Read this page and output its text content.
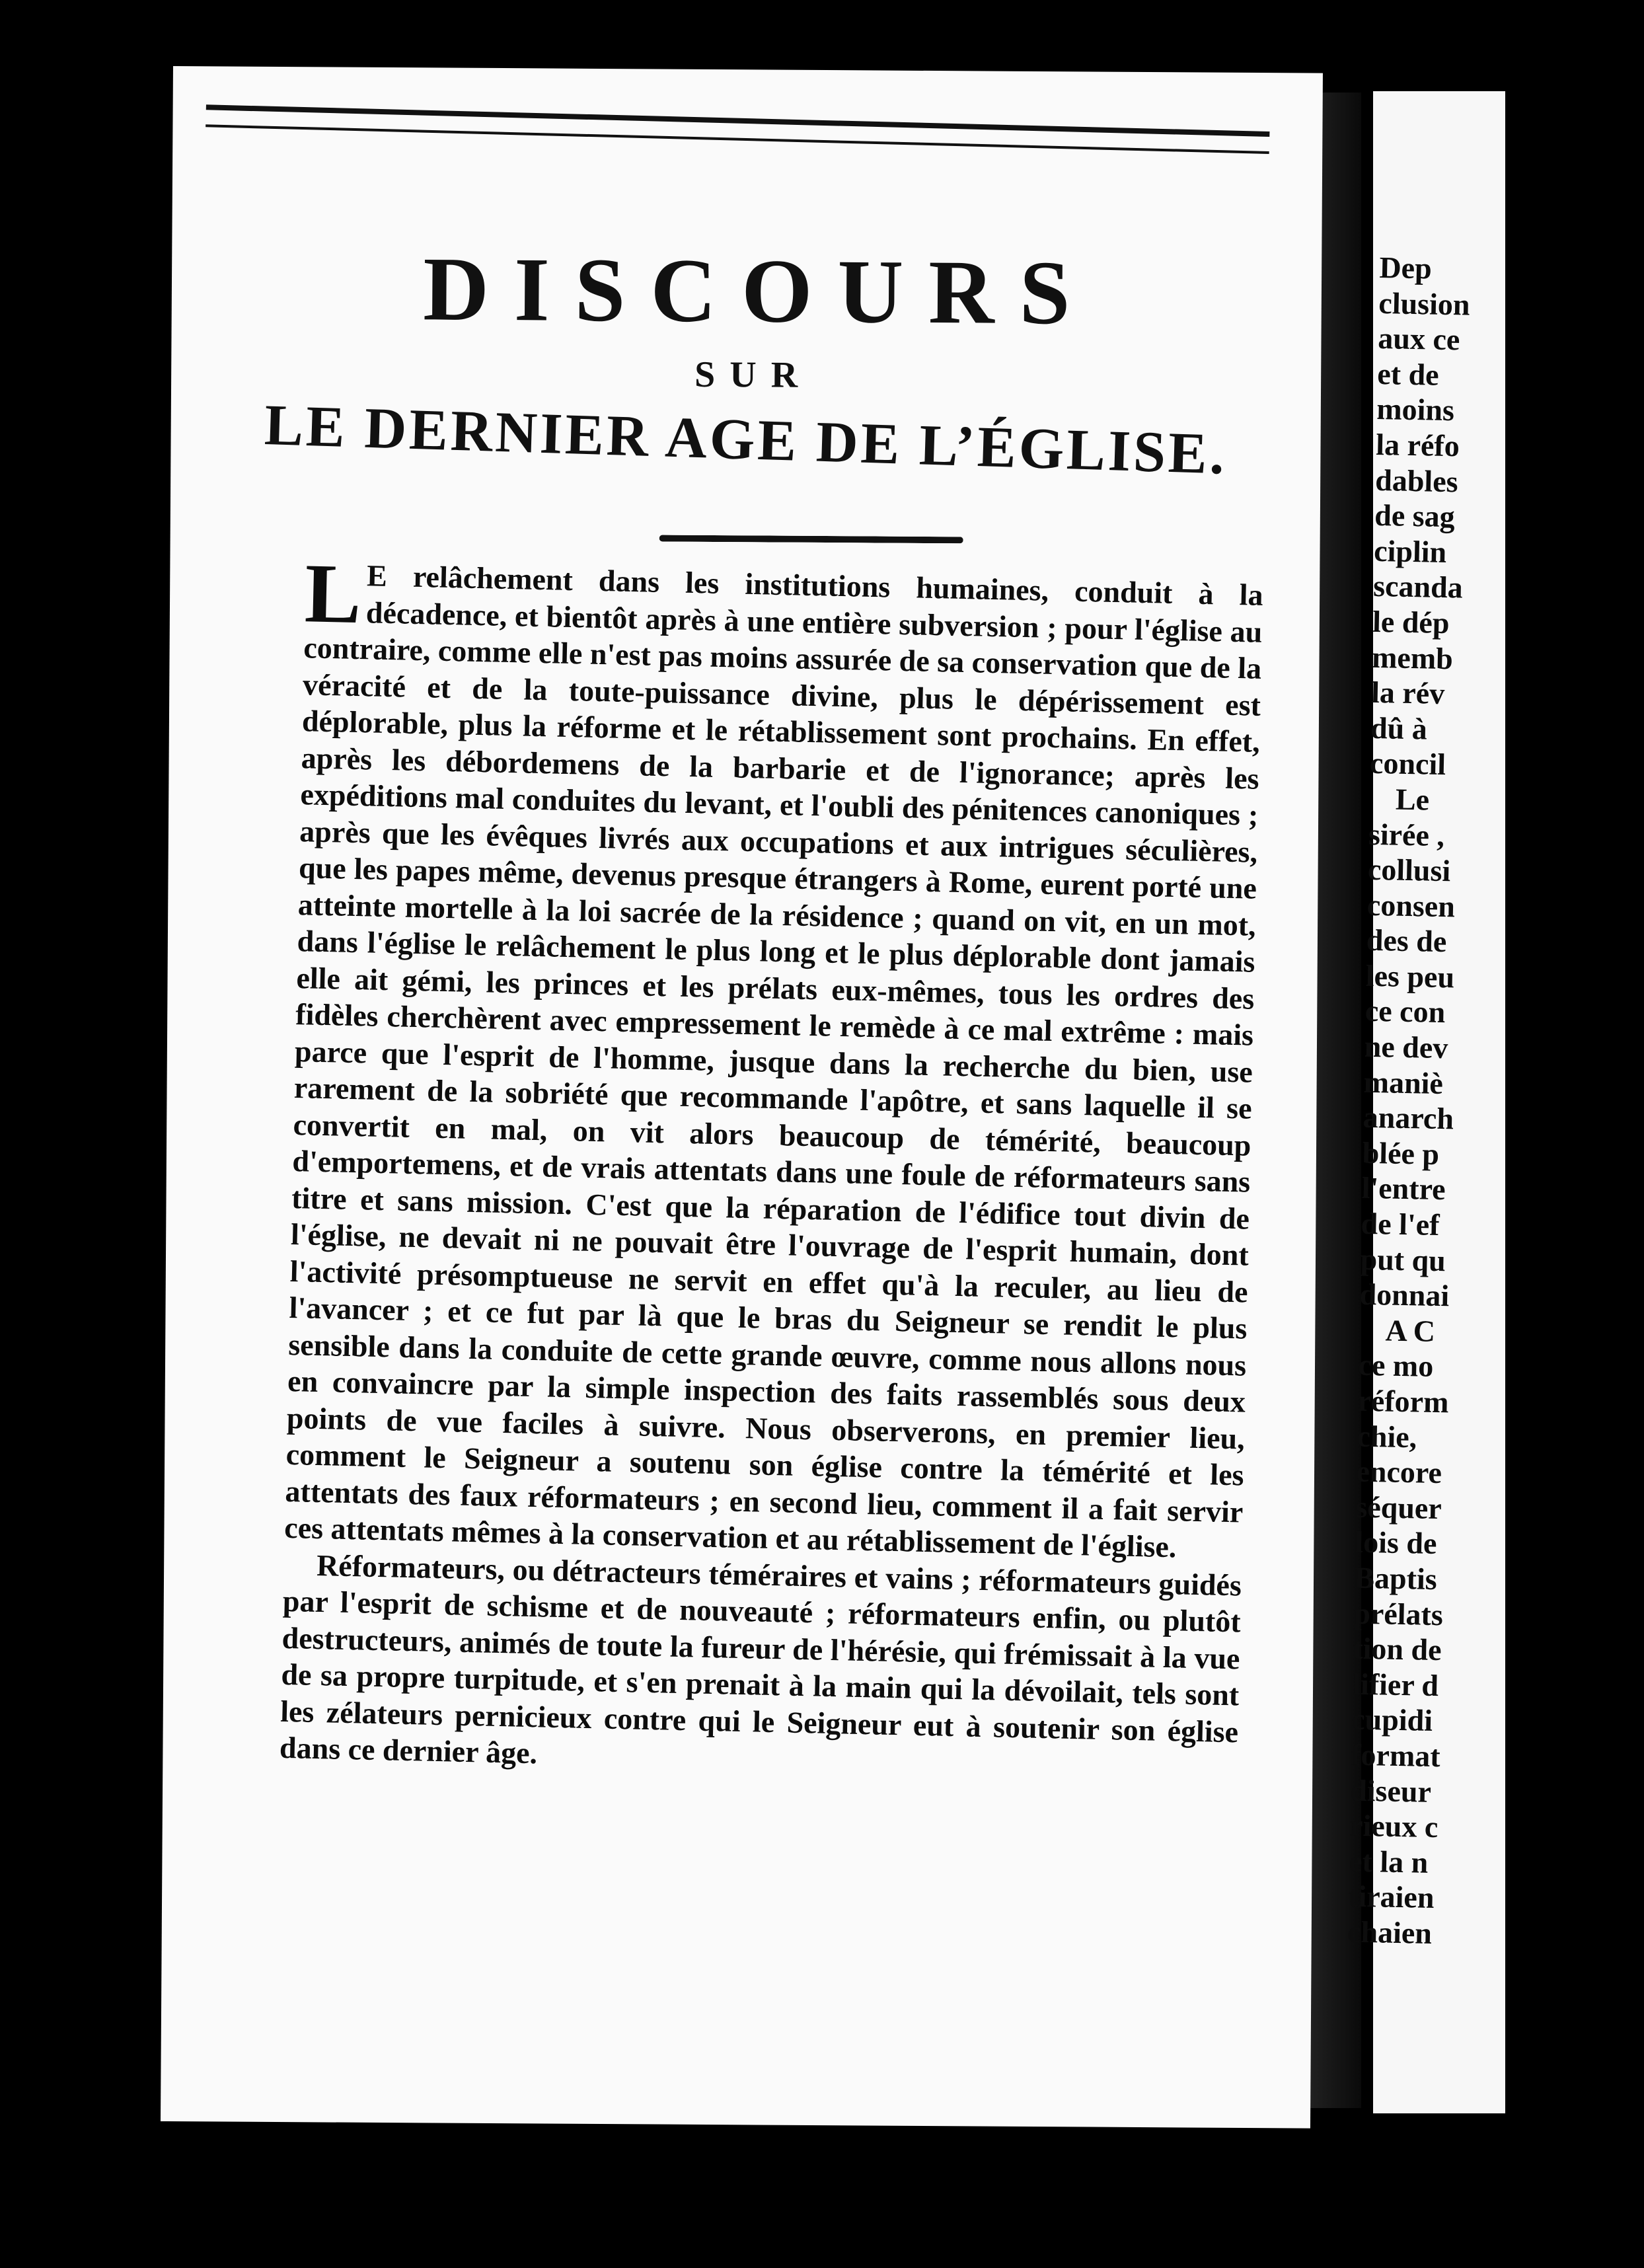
Dep
clusion
aux ce
et de
moins
la réfo
dables
de sag
ciplin
scanda
le dép
memb
la rév
dû à
concil
Le
sirée ,
collusi
consen
des de
les peu
ce con
ne dev
maniè
anarch
blée p
l'entre
de l'ef
put qu
donnai
A C
ce mo
réform
chie,
encore
séquer
lois de
Baptis
prélats
tion de
lifier d
cupidi
format
diseur
rieux c
et la n
tiraien
chaien
DISCOURS
SUR
LE DERNIER AGE DE L’ÉGLISE.

L E relâchement dans les institutions humaines, conduit à la décadence, et bientôt après à une entière subversion ; pour l'église au contraire, comme elle n'est pas moins assurée de sa conservation que de la véracité et de la toute-puissance divine, plus le dépérissement est déplorable, plus la réforme et le rétablissement sont prochains. En effet, après les débordemens de la barbarie et de l'ignorance; après les expéditions mal conduites du levant, et l'oubli des pénitences canoniques ; après que les évêques livrés aux occupations et aux intrigues séculières, que les papes même, devenus presque étrangers à Rome, eurent porté une atteinte mortelle à la loi sacrée de la résidence ; quand on vit, en un mot, dans l'église le relâchement le plus long et le plus déplorable dont jamais elle ait gémi, les princes et les prélats eux-mêmes, tous les ordres des fidèles cherchèrent avec empressement le remède à ce mal extrême : mais parce que l'esprit de l'homme, jusque dans la recherche du bien, use rarement de la sobriété que recommande l'apôtre, et sans laquelle il se convertit en mal, on vit alors beaucoup de témérité, beaucoup d'emportemens, et de vrais attentats dans une foule de réformateurs sans titre et sans mission. C'est que la réparation de l'édifice tout divin de l'église, ne devait ni ne pouvait être l'ouvrage de l'esprit humain, dont l'activité présomptueuse ne servit en effet qu'à la reculer, au lieu de l'avancer ; et ce fut par là que le bras du Seigneur se rendit le plus sensible dans la conduite de cette grande œuvre, comme nous allons nous en convaincre par la simple inspection des faits rassemblés sous deux points de vue faciles à suivre. Nous observerons, en premier lieu, comment le Seigneur a soutenu son église contre la témérité et les attentats des faux réformateurs ; en second lieu, comment il a fait servir ces attentats mêmes à la conservation et au rétablissement de l'église.

Réformateurs, ou détracteurs téméraires et vains ; réformateurs guidés par l'esprit de schisme et de nouveauté ; réformateurs enfin, ou plutôt destructeurs, animés de toute la fureur de l'hérésie, qui frémissait à la vue de sa propre turpitude, et s'en prenait à la main qui la dévoilait, tels sont les zélateurs pernicieux contre qui le Seigneur eut à soutenir son église dans ce dernier âge.
